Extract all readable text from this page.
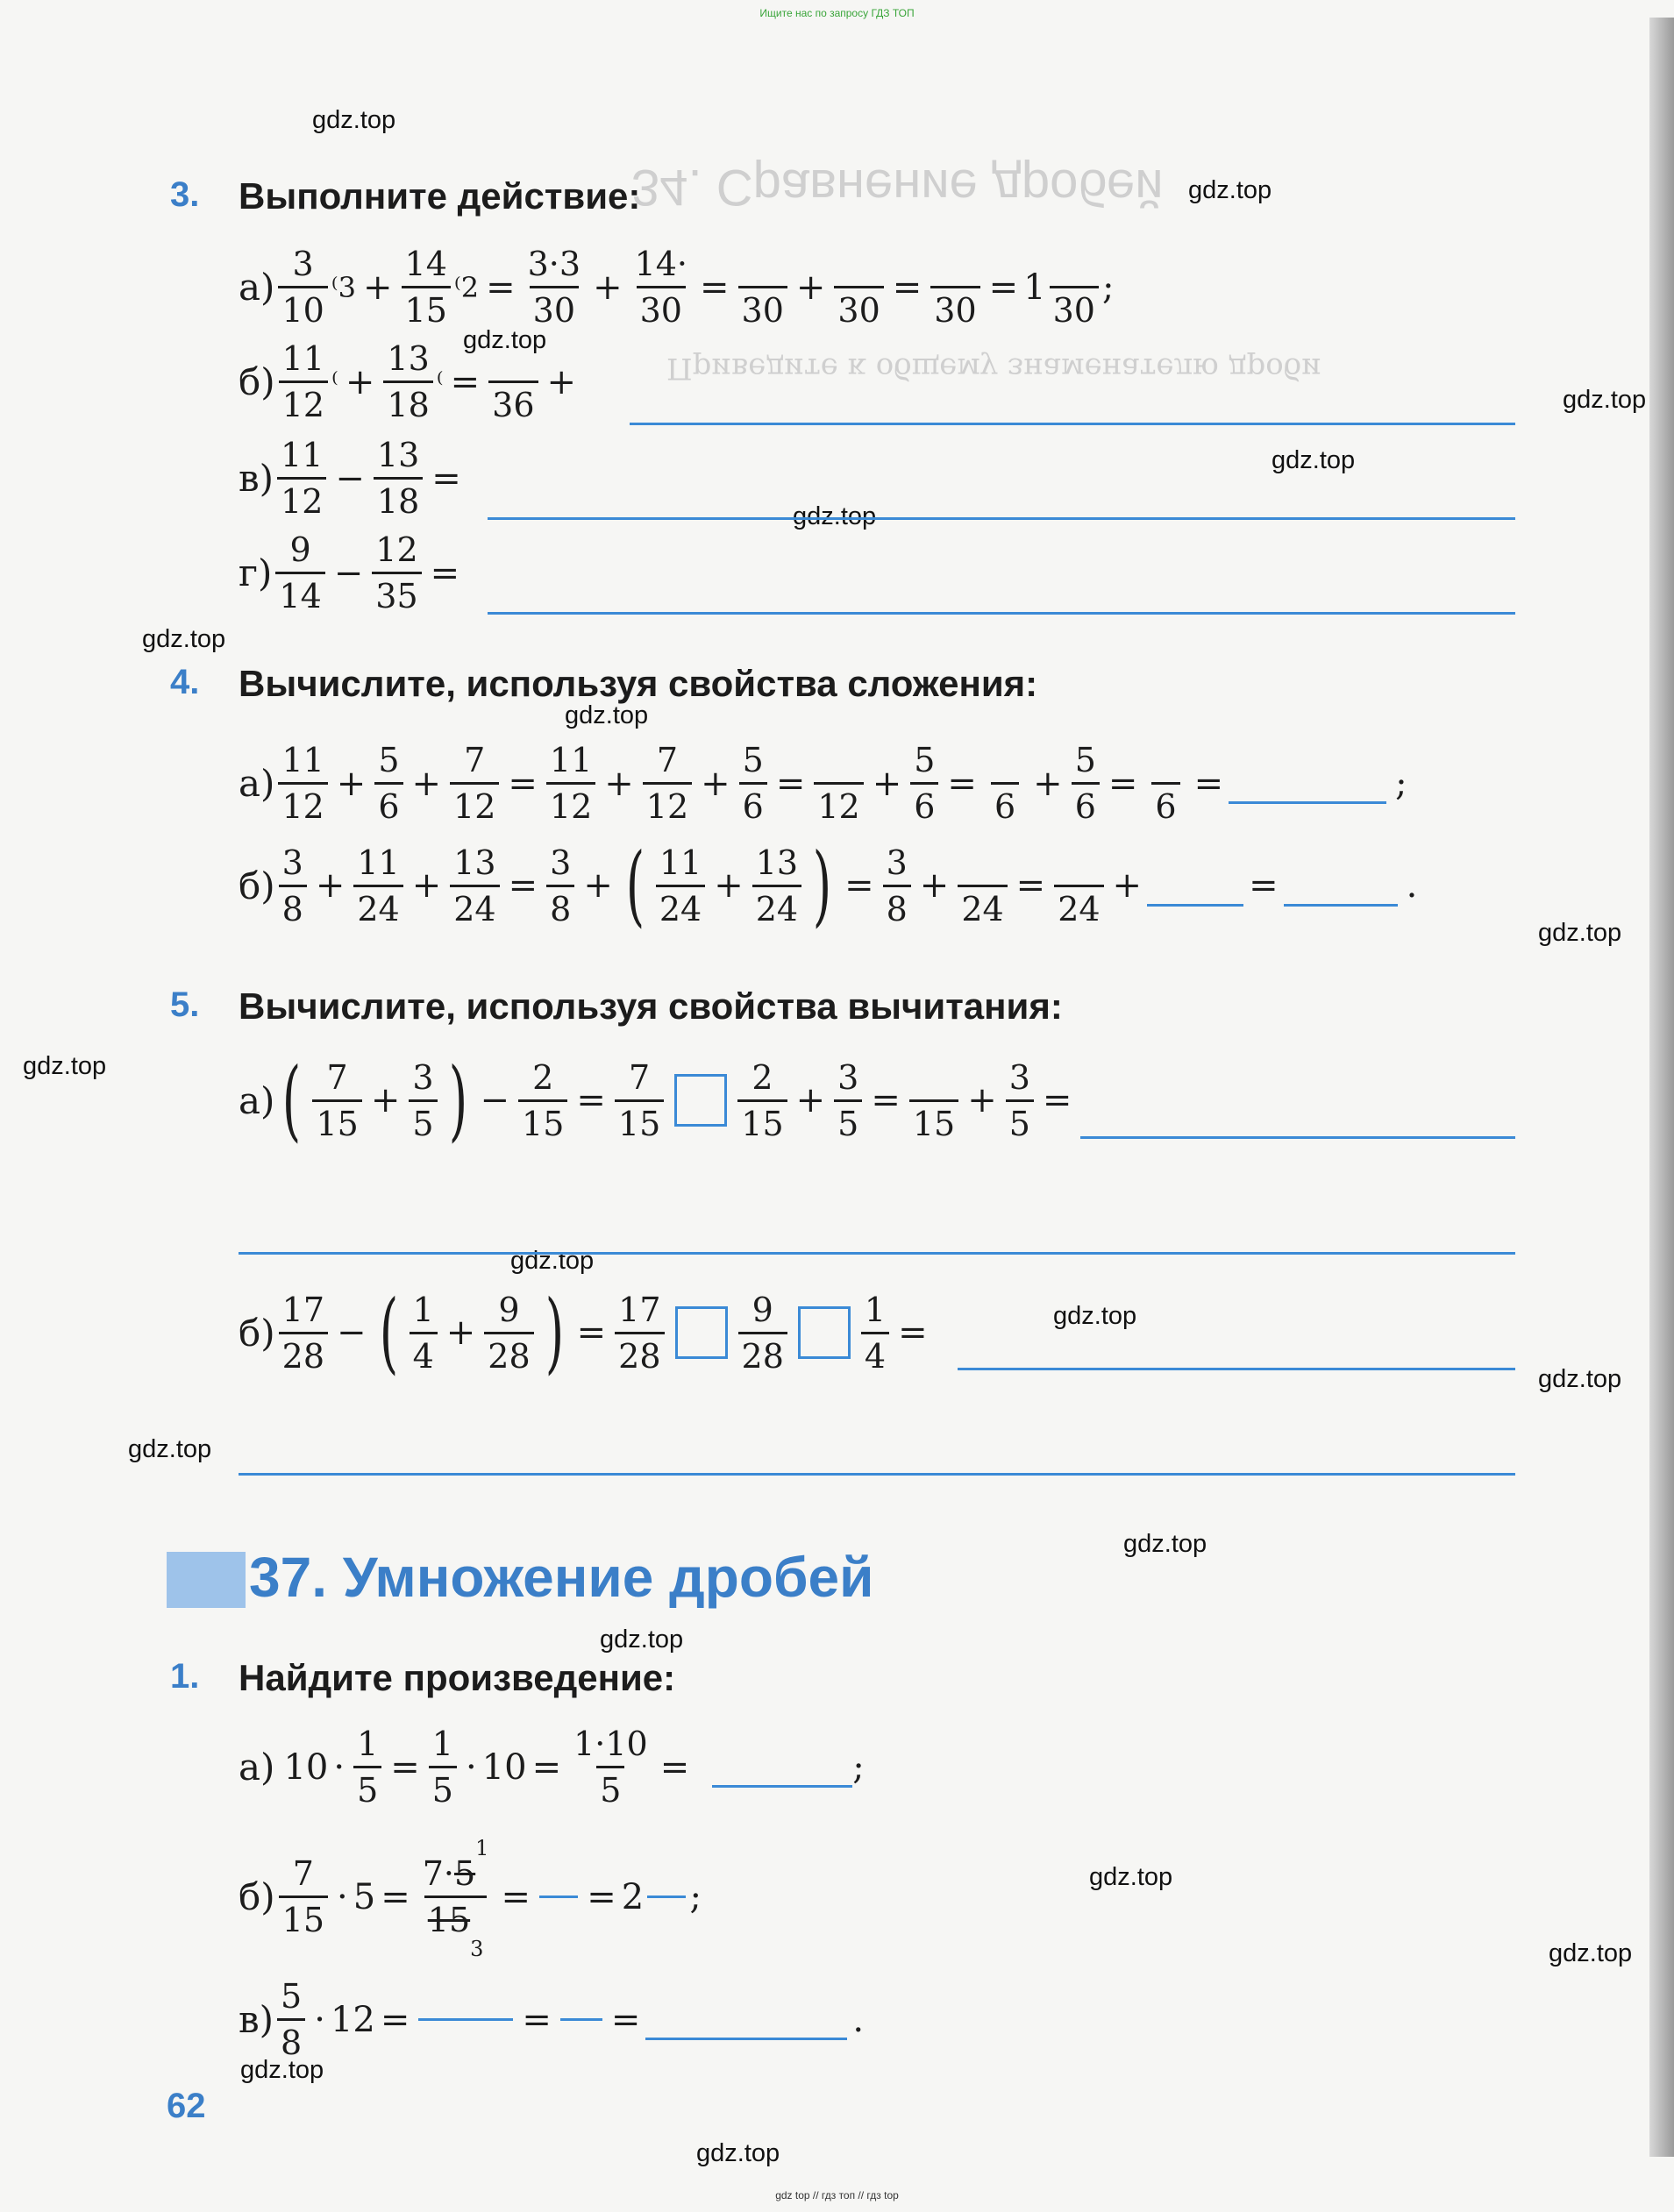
34. Сравнение дробей
Приведите к общему знаменателю дроби
Ищите нас по запросу ГДЗ ТОП
gdz.top
gdz.top
gdz.top
gdz.top
gdz.top
gdz.top
gdz.top
gdz.top
gdz.top
gdz.top
gdz.top
gdz.top
gdz.top
gdz.top
gdz.top
gdz.top
gdz.top
gdz.top
gdz.top
gdz.top
3. Выполните действие:
$а) \frac{3}{10} ^(3 + \frac{14}{15} ^(2 = \frac{3\cdot 3}{30} + \frac{14\cdot}{30}$ =

30
+

30
=

30
= 1

30
;
$б) \frac{11}{12}$ ⁽ + $\frac{13}{18}$ ⁽ =

36
+
$в) \frac{11}{12} - \frac{13}{18}$ =
$г) \frac{9}{14} - \frac{12}{35}$ =
4. Вычислите, используя свойства сложения:
$а) \frac{11}{12} + \frac{5}{6} + \frac{7}{12} = \frac{11}{12} + \frac{7}{12} + \frac{5}{6}$ =

12
+ $\frac{5}{6}$ =

6
+ $\frac{5}{6}$ =

6
=	;
$б) \frac{3}{8} + \frac{11}{24} + \frac{13}{24} = \frac{3}{8}$ + ( $\frac{11}{24} + \frac{13}{24}$ ) = $\frac{3}{8}$ +

24
=

24
+	=	.
5. Вычислите, используя свойства вычитания:
а) ( $\frac{7}{15} + \frac{3}{5}$ ) − $\frac{2}{15} = \frac{7}{15} \frac{2}{15} + \frac{3}{5}$ =

15
+ $\frac{3}{5}$ =
$б) \frac{17}{28}$ − ( $\frac{1}{4} + \frac{9}{28}$ ) = $\frac{17}{28} \frac{9}{28} \frac{1}{4}$ =
37. Умножение дробей
1. Найдите произведение:
а) $10 \cdot \frac{1}{5} = \frac{1}{5} \cdot 10 = \frac{1\cdot 10}{5}$ =	;
$б) \frac{7}{15} \cdot 5 = \frac{7\cdot 5^1}{15_3}$ =

= 2

;
$в) \frac{5}{8} \cdot 12$ =

	=

=	.
62
gdz top // гдз топ // гдз top
